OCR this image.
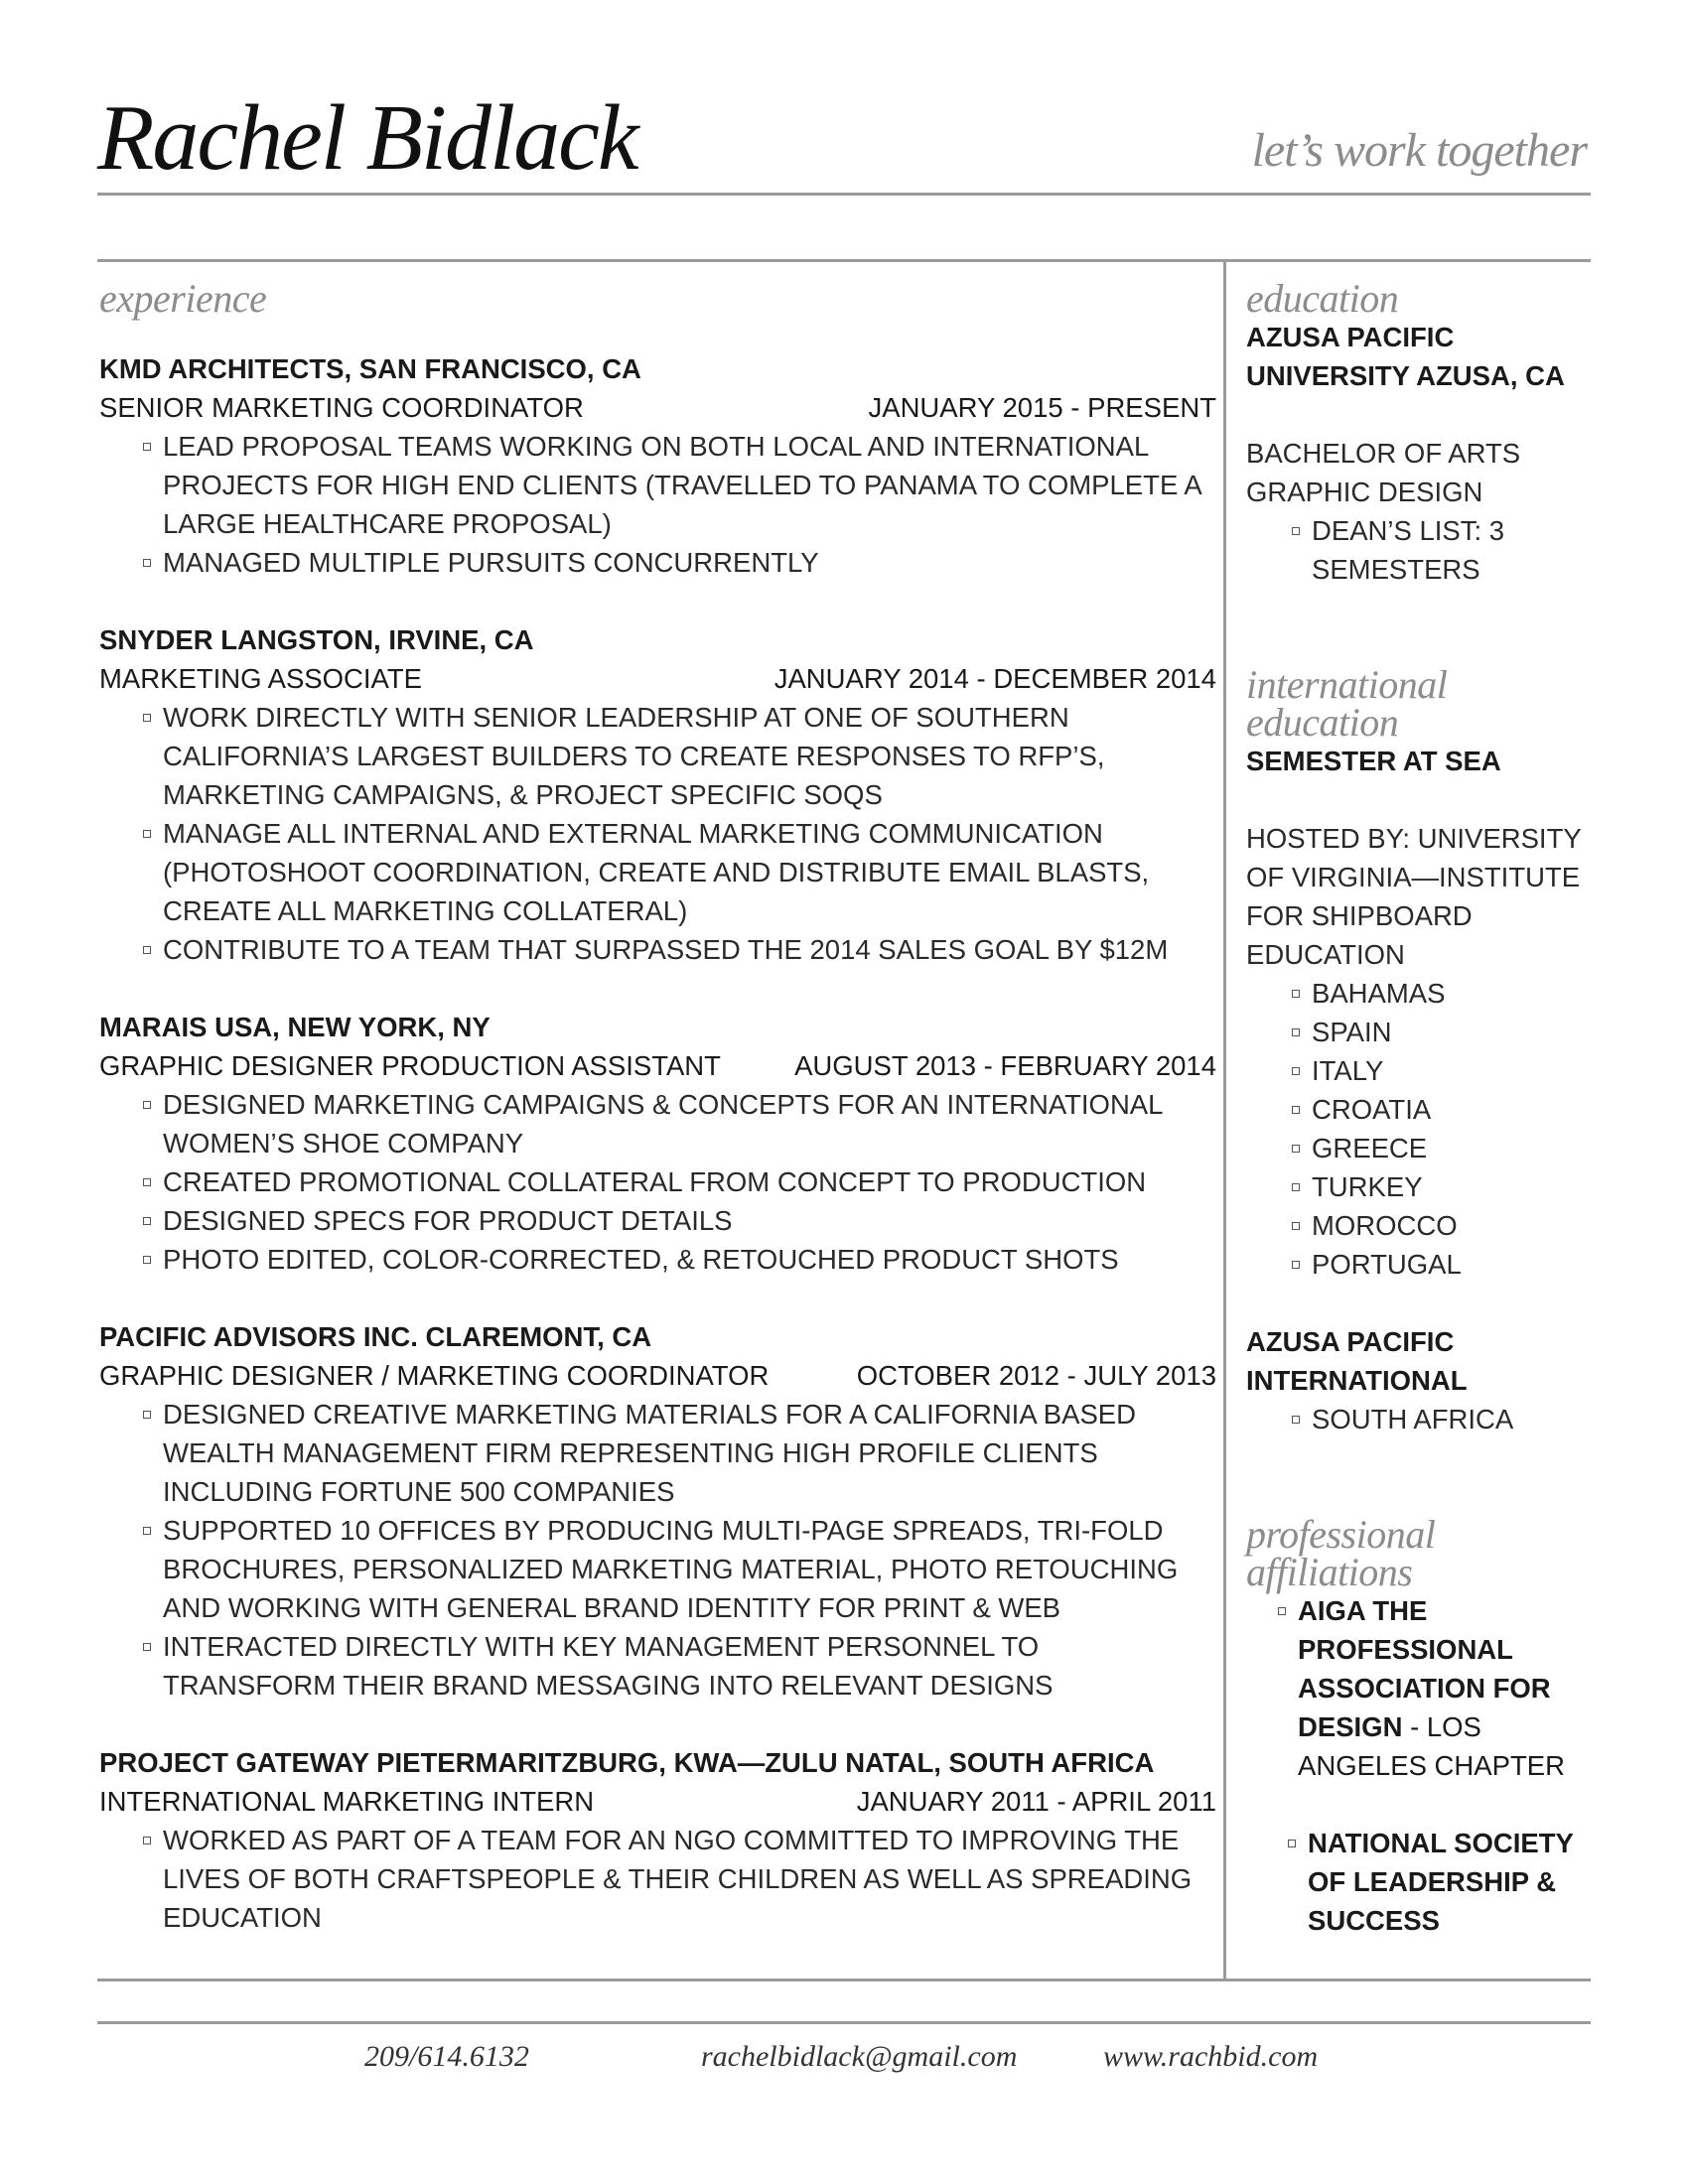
Rachel Bidlack	let’s work together
experience
KMD ARCHITECTS, SAN FRANCISCO, CA
SENIOR MARKETING COORDINATOR	JANUARY 2015 - PRESENT
LEAD PROPOSAL TEAMS WORKING ON BOTH LOCAL AND INTERNATIONAL PROJECTS FOR HIGH END CLIENTS (TRAVELLED TO PANAMA TO COMPLETE A LARGE HEALTHCARE PROPOSAL)
MANAGED MULTIPLE PURSUITS CONCURRENTLY
SNYDER LANGSTON, IRVINE, CA
MARKETING ASSOCIATE	JANUARY 2014 - DECEMBER 2014
WORK DIRECTLY WITH SENIOR LEADERSHIP AT ONE OF SOUTHERN CALIFORNIA’S LARGEST BUILDERS TO CREATE RESPONSES TO RFP’S, MARKETING CAMPAIGNS, & PROJECT SPECIFIC SOQS
MANAGE ALL INTERNAL AND EXTERNAL MARKETING COMMUNICATION (PHOTOSHOOT COORDINATION, CREATE AND DISTRIBUTE EMAIL BLASTS, CREATE ALL MARKETING COLLATERAL)
CONTRIBUTE TO A TEAM THAT SURPASSED THE 2014 SALES GOAL BY $12M
MARAIS USA, NEW YORK, NY
GRAPHIC DESIGNER PRODUCTION ASSISTANT	AUGUST 2013 - FEBRUARY 2014
DESIGNED MARKETING CAMPAIGNS & CONCEPTS FOR AN INTERNATIONAL WOMEN’S SHOE COMPANY
CREATED PROMOTIONAL COLLATERAL FROM CONCEPT TO PRODUCTION
DESIGNED SPECS FOR PRODUCT DETAILS
PHOTO EDITED, COLOR-CORRECTED, & RETOUCHED PRODUCT SHOTS
PACIFIC ADVISORS INC. CLAREMONT, CA
GRAPHIC DESIGNER / MARKETING COORDINATOR	OCTOBER 2012 - JULY 2013
DESIGNED CREATIVE MARKETING MATERIALS FOR A CALIFORNIA BASED WEALTH MANAGEMENT FIRM REPRESENTING HIGH PROFILE CLIENTS INCLUDING FORTUNE 500 COMPANIES
SUPPORTED 10 OFFICES BY PRODUCING MULTI-PAGE SPREADS, TRI-FOLD BROCHURES, PERSONALIZED MARKETING MATERIAL, PHOTO RETOUCHING AND WORKING WITH GENERAL BRAND IDENTITY FOR PRINT & WEB
INTERACTED DIRECTLY WITH KEY MANAGEMENT PERSONNEL TO TRANSFORM THEIR BRAND MESSAGING INTO RELEVANT DESIGNS
PROJECT GATEWAY PIETERMARITZBURG, KWA—ZULU NATAL, SOUTH AFRICA
INTERNATIONAL MARKETING INTERN	JANUARY 2011 - APRIL 2011
WORKED AS PART OF A TEAM FOR AN NGO COMMITTED TO IMPROVING THE LIVES OF BOTH CRAFTSPEOPLE & THEIR CHILDREN AS WELL AS SPREADING EDUCATION
education
AZUSA PACIFIC UNIVERSITY AZUSA, CA
BACHELOR OF ARTS GRAPHIC DESIGN
DEAN’S LIST: 3 SEMESTERS
international
education
SEMESTER AT SEA
HOSTED BY: UNIVERSITY OF VIRGINIA—INSTITUTE FOR SHIPBOARD EDUCATION
BAHAMAS
SPAIN
ITALY
CROATIA
GREECE
TURKEY
MOROCCO
PORTUGAL
AZUSA PACIFIC INTERNATIONAL
SOUTH AFRICA
professional
affiliations
AIGA THE PROFESSIONAL ASSOCIATION FOR DESIGN - LOS ANGELES CHAPTER
NATIONAL SOCIETY OF LEADERSHIP & SUCCESS
209/614.6132	rachelbidlack@gmail.com	www.rachbid.com
